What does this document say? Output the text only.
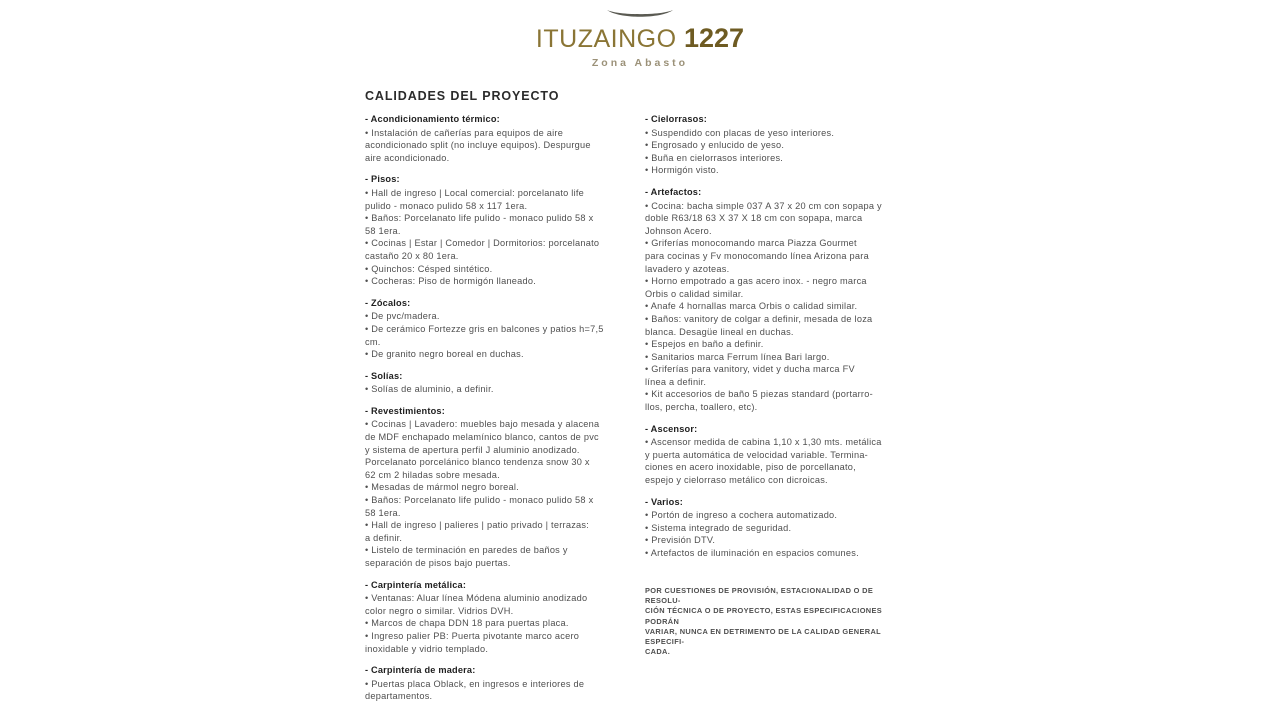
ITUZAINGO 1227
Zona Abasto
CALIDADES DEL PROYECTO
- Acondicionamiento térmico:
• Instalación de cañerías para equipos de aire
acondicionado split (no incluye equipos). Despurgue
aire acondicionado.
- Pisos:
• Hall de ingreso | Local comercial: porcelanato life
pulido - monaco pulido 58 x 117 1era.
• Baños: Porcelanato life pulido - monaco pulido 58 x
58 1era.
• Cocinas | Estar | Comedor | Dormitorios: porcelanato
castaño 20 x 80 1era.
• Quinchos: Césped sintético.
• Cocheras: Piso de hormigón llaneado.
- Zócalos:
• De pvc/madera.
• De cerámico Fortezze gris en balcones y patios h=7,5
cm.
• De granito negro boreal en duchas.
- Solías:
• Solías de aluminio, a definir.
- Revestimientos:
• Cocinas | Lavadero: muebles bajo mesada y alacena
de MDF enchapado melamínico blanco, cantos de pvc
y sistema de apertura perfil J aluminio anodizado.
Porcelanato porcelánico blanco tendenza snow 30 x
62 cm 2 hiladas sobre mesada.
• Mesadas de mármol negro boreal.
• Baños: Porcelanato life pulido - monaco pulido 58 x
58 1era.
• Hall de ingreso | palieres | patio privado | terrazas:
a definir.
• Listelo de terminación en paredes de baños y
separación de pisos bajo puertas.
- Carpintería metálica:
• Ventanas: Aluar línea Módena aluminio anodizado
color negro o similar. Vidrios DVH.
• Marcos de chapa DDN 18 para puertas placa.
• Ingreso palier PB: Puerta pivotante marco acero
inoxidable y vidrio templado.
- Carpintería de madera:
• Puertas placa Oblack, en ingresos e interiores de
departamentos.
- Cielorrasos:
• Suspendido con placas de yeso interiores.
• Engrosado y enlucido de yeso.
• Buña en cielorrasos interiores.
• Hormigón visto.
- Artefactos:
• Cocina: bacha simple 037 A 37 x 20 cm con sopapa y
doble R63/18 63 X 37 X 18 cm con sopapa, marca
Johnson Acero.
• Griferías monocomando marca Piazza Gourmet
para cocinas y Fv monocomando línea Arizona para
lavadero y azoteas.
• Horno empotrado a gas acero inox. - negro marca
Orbis o calidad similar.
• Anafe 4 hornallas marca Orbis o calidad similar.
• Baños: vanitory de colgar a definir, mesada de loza
blanca. Desagüe lineal en duchas.
• Espejos en baño a definir.
• Sanitarios marca Ferrum línea Bari largo.
• Griferías para vanitory, videt y ducha marca FV
línea a definir.
• Kit accesorios de baño 5 piezas standard (portarro-
llos, percha, toallero, etc).
- Ascensor:
• Ascensor medida de cabina 1,10 x 1,30 mts. metálica
y puerta automática de velocidad variable. Termina-
ciones en acero inoxidable, piso de porcellanato,
espejo y cielorraso metálico con dicroicas.
- Varios:
• Portón de ingreso a cochera automatizado.
• Sistema integrado de seguridad.
• Previsión DTV.
• Artefactos de iluminación en espacios comunes.
POR CUESTIONES DE PROVISIÓN, ESTACIONALIDAD O DE RESOLU-
CIÓN TÉCNICA O DE PROYECTO, ESTAS ESPECIFICACIONES PODRÁN
VARIAR, NUNCA EN DETRIMENTO DE LA CALIDAD GENERAL ESPECIFI-
CADA.
